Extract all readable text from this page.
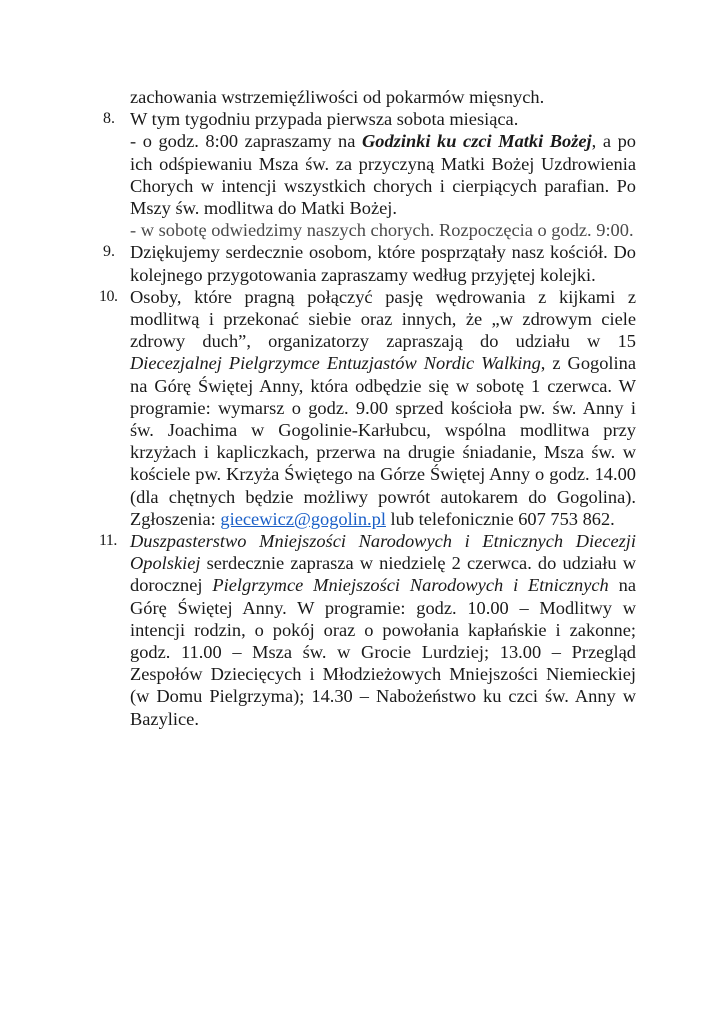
zachowania wstrzemięźliwości od pokarmów mięsnych.

8. W tym tygodniu przypada pierwsza sobota miesiąca.

- o godz. 8:00 zapraszamy na Godzinki ku czci Matki Bożej, a po ich odśpiewaniu Msza św. za przyczyną Matki Bożej Uzdrowienia Chorych w intencji wszystkich chorych i cierpiących parafian. Po Mszy św. modlitwa do Matki Bożej.

- w sobotę odwiedzimy naszych chorych. Rozpoczęcia o godz. 9:00.

9. Dziękujemy serdecznie osobom, które posprzątały nasz kościół. Do kolejnego przygotowania zapraszamy według przyjętej kolejki.

10. Osoby, które pragną połączyć pasję wędrowania z kijkami z modlitwą i przekonać siebie oraz innych, że „w zdrowym ciele zdrowy duch”, organizatorzy zapraszają do udziału w 15 Diecezjalnej Pielgrzymce Entuzjastów Nordic Walking, z Gogolina na Górę Świętej Anny, która odbędzie się w sobotę 1 czerwca. W programie: wymarsz o godz. 9.00 sprzed kościoła pw. św. Anny i św. Joachima w Gogolinie-Karłubcu, wspólna modlitwa przy krzyżach i kapliczkach, przerwa na drugie śniadanie, Msza św. w kościele pw. Krzyża Świętego na Górze Świętej Anny o godz. 14.00 (dla chętnych będzie możliwy powrót autokarem do Gogolina). Zgłoszenia: giecewicz@gogolin.pl lub telefonicznie 607 753 862.

11. Duszpasterstwo Mniejszości Narodowych i Etnicznych Diecezji Opolskiej serdecznie zaprasza w niedzielę 2 czerwca. do udziału w dorocznej Pielgrzymce Mniejszości Narodowych i Etnicznych na Górę Świętej Anny. W programie: godz. 10.00 – Modlitwy w intencji rodzin, o pokój oraz o powołania kapłańskie i zakonne; godz. 11.00 – Msza św. w Grocie Lurdziej; 13.00 – Przegląd Zespołów Dziecięcych i Młodzieżowych Mniejszości Niemieckiej (w Domu Pielgrzyma); 14.30 – Nabożeństwo ku czci św. Anny w Bazylice.
